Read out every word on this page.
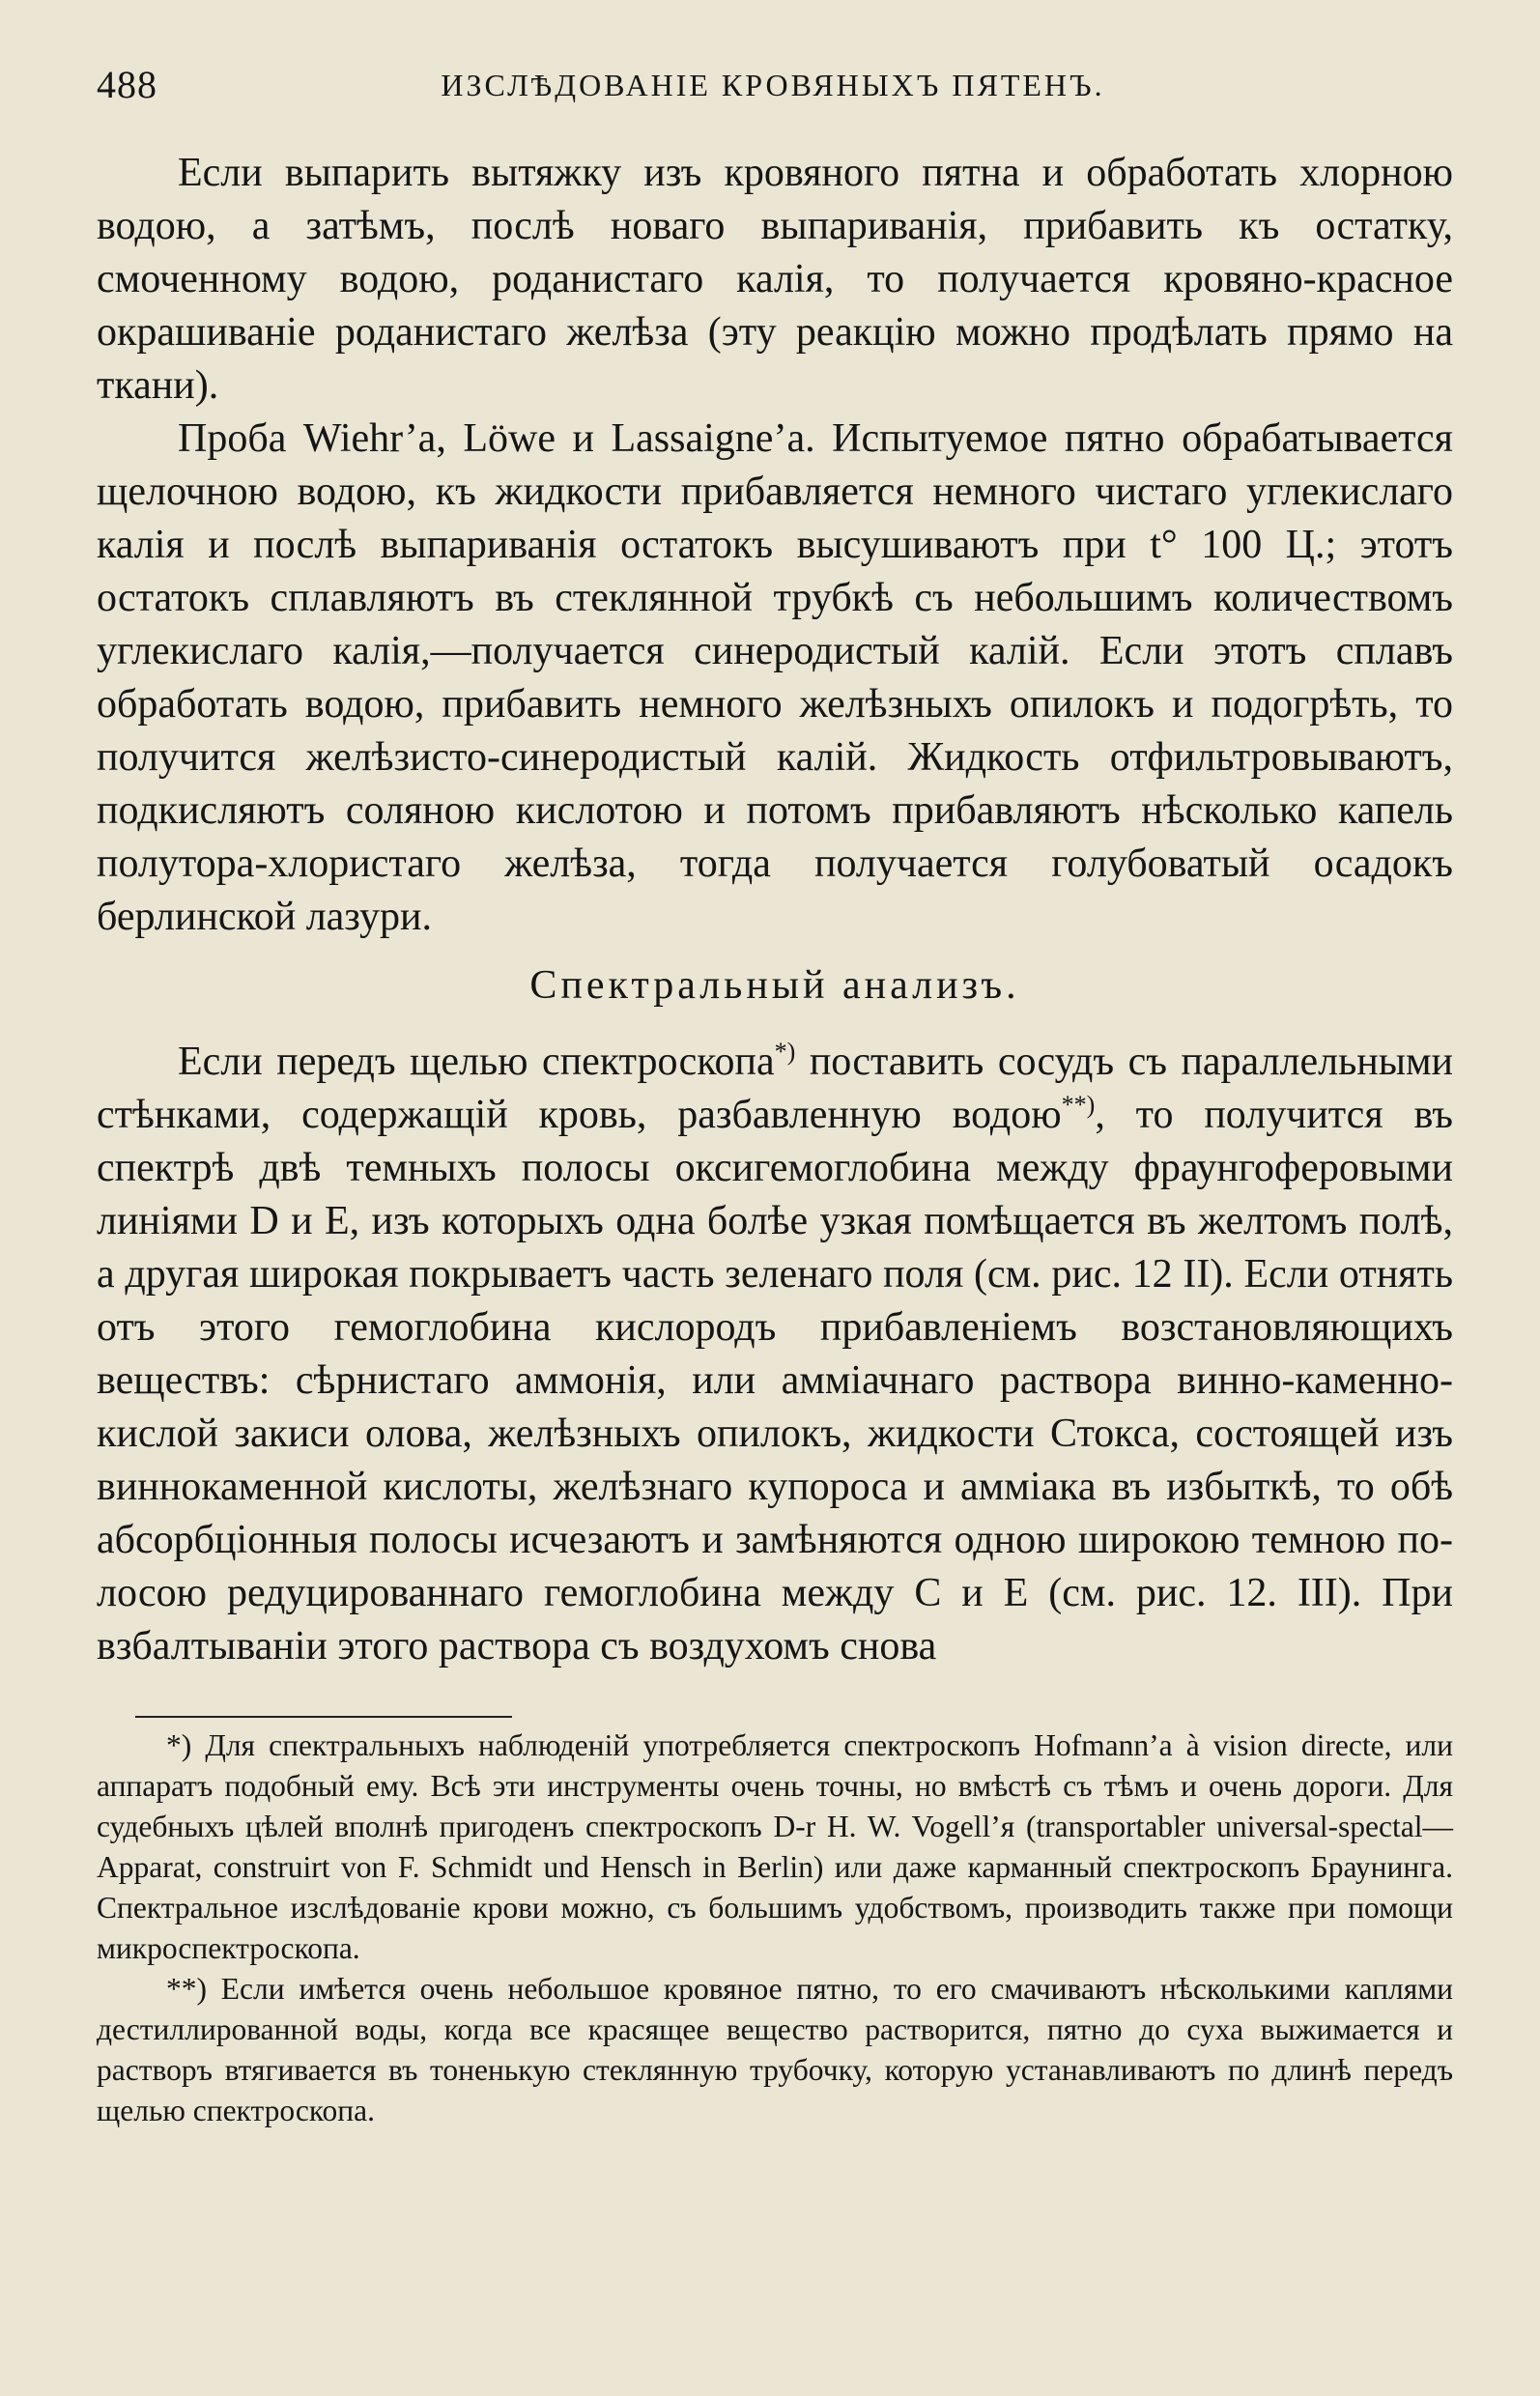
488	ИЗСЛѢДОВАНІЕ КРОВЯНЫХЪ ПЯТЕНЪ.

Если выпарить вытяжку изъ кровяного пятна и обработать хлорною водою, а затѣмъ, послѣ новаго выпариванія, прибавить къ остатку, смоченному водою, роданистаго калія, то получается кровяно-красное окрашиваніе роданистаго желѣза (эту реакцію можно продѣлать прямо на ткани).

Проба Wiehr’а, Löwe и Lassaigne’а. Испытуемое пятно обрабатывается щелочною водою, къ жидкости прибавляется немного чистаго углекислаго калія и послѣ выпариванія остатокъ высушиваютъ при t° 100 Ц.; этотъ остатокъ сплавляютъ въ стеклянной трубкѣ съ небольшимъ количествомъ углекислаго калія,—получается синеродистый калій. Если этотъ сплавъ обработать водою, прибавить немного желѣзныхъ опилокъ и подогрѣть, то получится желѣзисто-синеродистый калій. Жидкость отфильтровываютъ, подкисляютъ соляною кислотою и потомъ прибавляютъ нѣсколько капель полутора-хлористаго желѣза, тогда получается голубоватый осадокъ берлинской лазури.

Спектральный анализъ.

Если передъ щелью спектроскопа*) поставить сосудъ съ параллельными стѣнками, содержащій кровь, разбавленную водою**), то получится въ спектрѣ двѣ темныхъ полосы оксигемоглобина между фраунгоферовыми линіями D и E, изъ которыхъ одна болѣе узкая помѣщается въ желтомъ полѣ, а другая широкая покрываетъ часть зеленаго поля (см. рис. 12 II). Если отнять отъ этого гемоглобина кислородъ прибавленіемъ возстановляющихъ веществъ: сѣрнистаго аммонія, или амміачнаго раствора винно-каменно-кислой закиси олова, желѣзныхъ опилокъ, жидкости Стокса, состоящей изъ виннокаменной кислоты, желѣзнаго купороса и амміака въ избыткѣ, то обѣ абсорбціонныя полосы исчезаютъ и замѣняются одною широкою темною полосою редуцированнаго гемоглобина между C и E (см. рис. 12. III). При взбалтываніи этого раствора съ воздухомъ снова

*) Для спектральныхъ наблюденій употребляется спектроскопъ Hofmann’а à vision directe, или аппаратъ подобный ему. Всѣ эти инструменты очень точны, но вмѣстѣ съ тѣмъ и очень дороги. Для судебныхъ цѣлей вполнѣ пригоденъ спектроскопъ D-r H. W. Vogell’я (transportabler universal-spectal—Apparat, construirt von F. Schmidt und Hensch in Berlin) или даже карманный спектроскопъ Браунинга. Спектральное изслѣдованіе крови можно, съ большимъ удобствомъ, производить также при помощи микроспектроскопа.

**) Если имѣется очень небольшое кровяное пятно, то его смачиваютъ нѣсколькими каплями дестиллированной воды, когда все красящее вещество растворится, пятно до суха выжимается и растворъ втягивается въ тоненькую стеклянную трубочку, которую устанавливаютъ по длинѣ передъ щелью спектроскопа.
